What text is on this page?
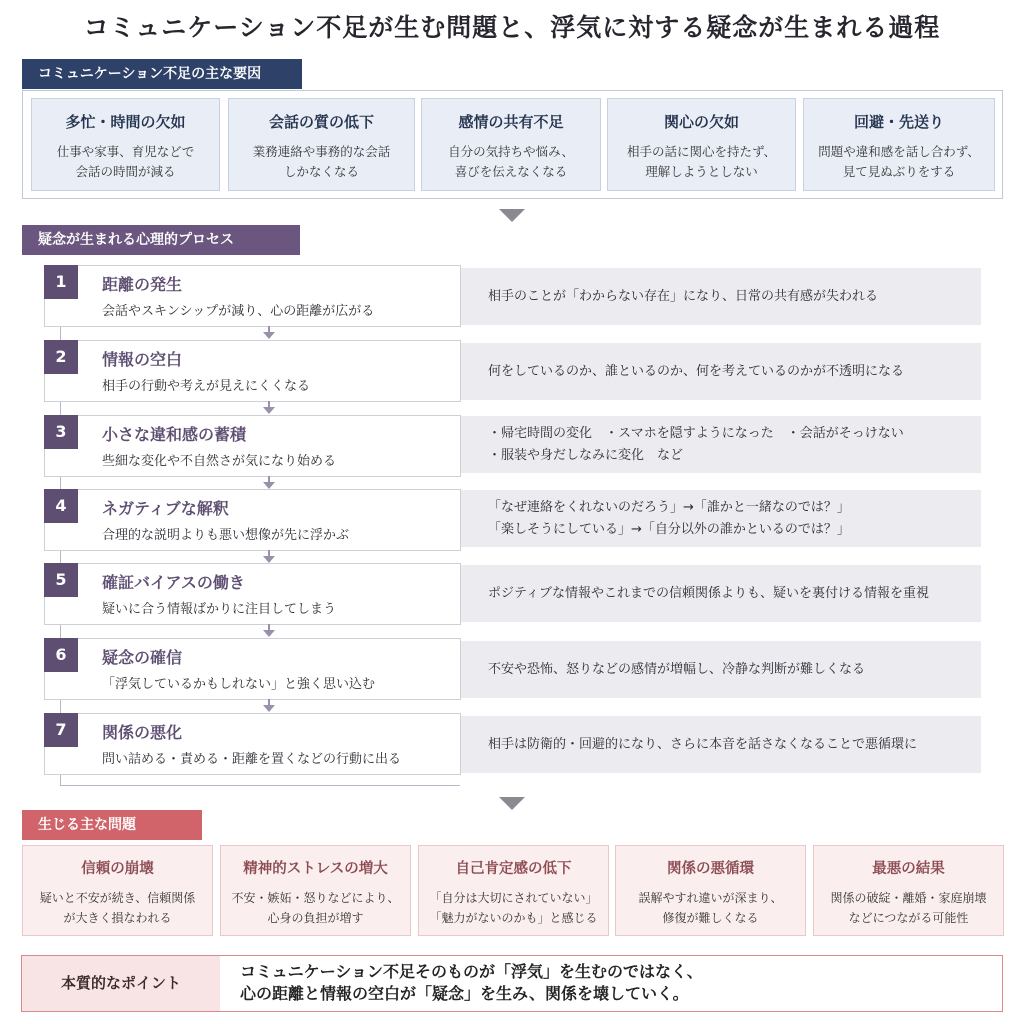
コミュニケーション不足が生む問題と、浮気に対する疑念が生まれる過程
コミュニケーション不足の主な要因
多忙・時間の欠如
仕事や家事、育児などで
会話の時間が減る
会話の質の低下
業務連絡や事務的な会話
しかなくなる
感情の共有不足
自分の気持ちや悩み、
喜びを伝えなくなる
関心の欠如
相手の話に関心を持たず、
理解しようとしない
回避・先送り
問題や違和感を話し合わず、
見て見ぬぶりをする
疑念が生まれる心理的プロセス
1	距離の発生
会話やスキンシップが減り、心の距離が広がる
相手のことが「わからない存在」になり、日常の共有感が失われる
2	情報の空白
相手の行動や考えが見えにくくなる
何をしているのか、誰といるのか、何を考えているのかが不透明になる
3	小さな違和感の蓄積
些細な変化や不自然さが気になり始める
・帰宅時間の変化　・スマホを隠すようになった　・会話がそっけない
・服装や身だしなみに変化　など
4	ネガティブな解釈
合理的な説明よりも悪い想像が先に浮かぶ
「なぜ連絡をくれないのだろう」→「誰かと一緒なのでは？」
「楽しそうにしている」→「自分以外の誰かといるのでは？」
5	確証バイアスの働き
疑いに合う情報ばかりに注目してしまう
ポジティブな情報やこれまでの信頼関係よりも、疑いを裏付ける情報を重視
6	疑念の確信
「浮気しているかもしれない」と強く思い込む
不安や恐怖、怒りなどの感情が増幅し、冷静な判断が難しくなる
7	関係の悪化
問い詰める・責める・距離を置くなどの行動に出る
相手は防衛的・回避的になり、さらに本音を話さなくなることで悪循環に
生じる主な問題
信頼の崩壊
疑いと不安が続き、信頼関係
が大きく損なわれる
精神的ストレスの増大
不安・嫉妬・怒りなどにより、
心身の負担が増す
自己肯定感の低下
「自分は大切にされていない」
「魅力がないのかも」と感じる
関係の悪循環
誤解やすれ違いが深まり、
修復が難しくなる
最悪の結果
関係の破綻・離婚・家庭崩壊
などにつながる可能性
本質的なポイント
コミュニケーション不足そのものが「浮気」を生むのではなく、
心の距離と情報の空白が「疑念」を生み、関係を壊していく。
